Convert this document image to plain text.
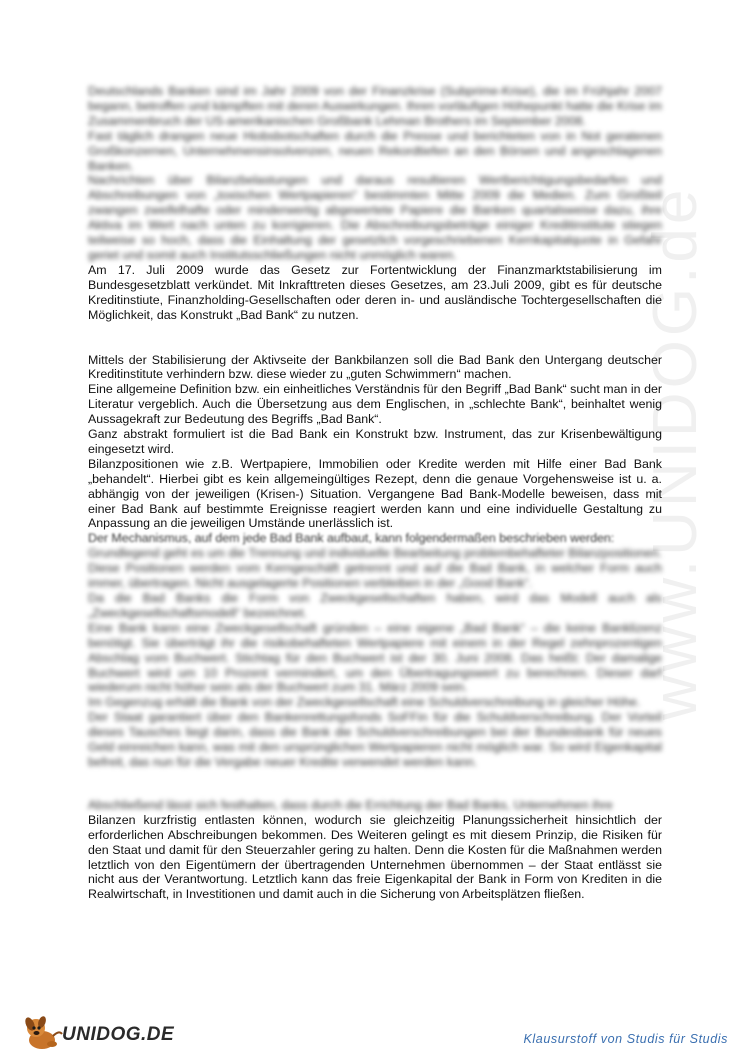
www.UNIDOG.de

Deutschlands Banken sind im Jahr 2009 von der Finanzkrise (Subprime-Krise), die im Frühjahr 2007 begann, betroffen und kämpften mit deren Auswirkungen. Ihren vorläufigen Höhepunkt hatte die Krise im Zusammenbruch der US-amerikanischen Großbank Lehman Brothers im September 2008.

Fast täglich drangen neue Hiobsbotschaften durch die Presse und berichteten von in Not geratenen Großkonzernen, Unternehmensinsolvenzen, neuen Rekordtiefen an den Börsen und angeschlagenen Banken.

Nachrichten über Bilanzbelastungen und daraus resultieren Wertberichtigungsbedarfen und Abschreibungen von „toxischen Wertpapieren“ bestimmten Mitte 2009 die Medien. Zum Großteil zwangen zweifelhafte oder minderwertig abgewertete Papiere die Banken quartalsweise dazu, ihre Aktiva im Wert nach unten zu korrigieren. Die Abschreibungsbeträge einiger Kreditinstitute stiegen teilweise so hoch, dass die Einhaltung der gesetzlich vorgeschriebenen Kernkapitalquote in Gefahr geriet und somit auch Institutsschließungen nicht unmöglich waren.

Am 17. Juli 2009 wurde das Gesetz zur Fortentwicklung der Finanzmarktstabilisierung im Bundesgesetzblatt verkündet. Mit Inkrafttreten dieses Gesetzes, am 23.Juli 2009, gibt es für deutsche Kreditinstiute, Finanzholding-Gesellschaften oder deren in- und ausländische Tochtergesellschaften die Möglichkeit, das Konstrukt „Bad Bank“ zu nutzen.

Mittels der Stabilisierung der Aktivseite der Bankbilanzen soll die Bad Bank den Untergang deutscher Kreditinstitute verhindern bzw. diese wieder zu „guten Schwimmern“ machen.

Eine allgemeine Definition bzw. ein einheitliches Verständnis für den Begriff „Bad Bank“ sucht man in der Literatur vergeblich. Auch die Übersetzung aus dem Englischen, in „schlechte Bank“, beinhaltet wenig Aussagekraft zur Bedeutung des Begriffs „Bad Bank“.

Ganz abstrakt formuliert ist die Bad Bank ein Konstrukt bzw. Instrument, das zur Krisenbewältigung eingesetzt wird.

Bilanzpositionen wie z.B. Wertpapiere, Immobilien oder Kredite werden mit Hilfe einer Bad Bank „behandelt“. Hierbei gibt es kein allgemeingültiges Rezept, denn die genaue Vorgehensweise ist u. a. abhängig von der jeweiligen (Krisen-) Situation. Vergangene Bad Bank-Modelle beweisen, dass mit einer Bad Bank auf bestimmte Ereignisse reagiert werden kann und eine individuelle Gestaltung zu Anpassung an die jeweiligen Umstände unerlässlich ist.

Der Mechanismus, auf dem jede Bad Bank aufbaut, kann folgendermaßen beschrieben werden:

Grundlegend geht es um die Trennung und individuelle Bearbeitung problembehafteter Bilanzpositionen. Diese Positionen werden vom Kerngeschäft getrennt und auf die Bad Bank, in welcher Form auch immer, übertragen. Nicht ausgelagerte Positionen verbleiben in der „Good Bank“.

Da die Bad Banks die Form von Zweckgesellschaften haben, wird das Modell auch als „Zweckgesellschaftsmodell“ bezeichnet.

Eine Bank kann eine Zweckgesellschaft gründen – eine eigene „Bad Bank“ – die keine Banklizenz benötigt. Sie überträgt ihr die risikobehafteten Wertpapiere mit einem in der Regel zehnprozentigen Abschlag vom Buchwert. Stichtag für den Buchwert ist der 30. Juni 2008. Das heißt: Der damalige Buchwert wird um 10 Prozent vermindert, um den Übertragungswert zu berechnen. Dieser darf wiederum nicht höher sein als der Buchwert zum 31. März 2009 sein.

Im Gegenzug erhält die Bank von der Zweckgesellschaft eine Schuldverschreibung in gleicher Höhe.

Der Staat garantiert über den Bankenrettungsfonds SoFFin für die Schuldverschreibung. Der Vorteil dieses Tausches liegt darin, dass die Bank die Schuldverschreibungen bei der Bundesbank für neues Geld einreichen kann, was mit den ursprünglichen Wertpapieren nicht möglich war. So wird Eigenkapital befreit, das nun für die Vergabe neuer Kredite verwendet werden kann.

Abschließend lässt sich festhalten, dass durch die Errichtung der Bad Banks, Unternehmen ihre

Bilanzen kurzfristig entlasten können, wodurch sie gleichzeitig Planungssicherheit hinsichtlich der erforderlichen Abschreibungen bekommen. Des Weiteren gelingt es mit diesem Prinzip, die Risiken für den Staat und damit für den Steuerzahler gering zu halten. Denn die Kosten für die Maßnahmen werden letztlich von den Eigentümern der übertragenden Unternehmen übernommen – der Staat entlässt sie nicht aus der Verantwortung. Letztlich kann das freie Eigenkapital der Bank in Form von Krediten in die Realwirtschaft, in Investitionen und damit auch in die Sicherung von Arbeitsplätzen fließen.

UNIDOG.DE	Klausurstoff von Studis für Studis
